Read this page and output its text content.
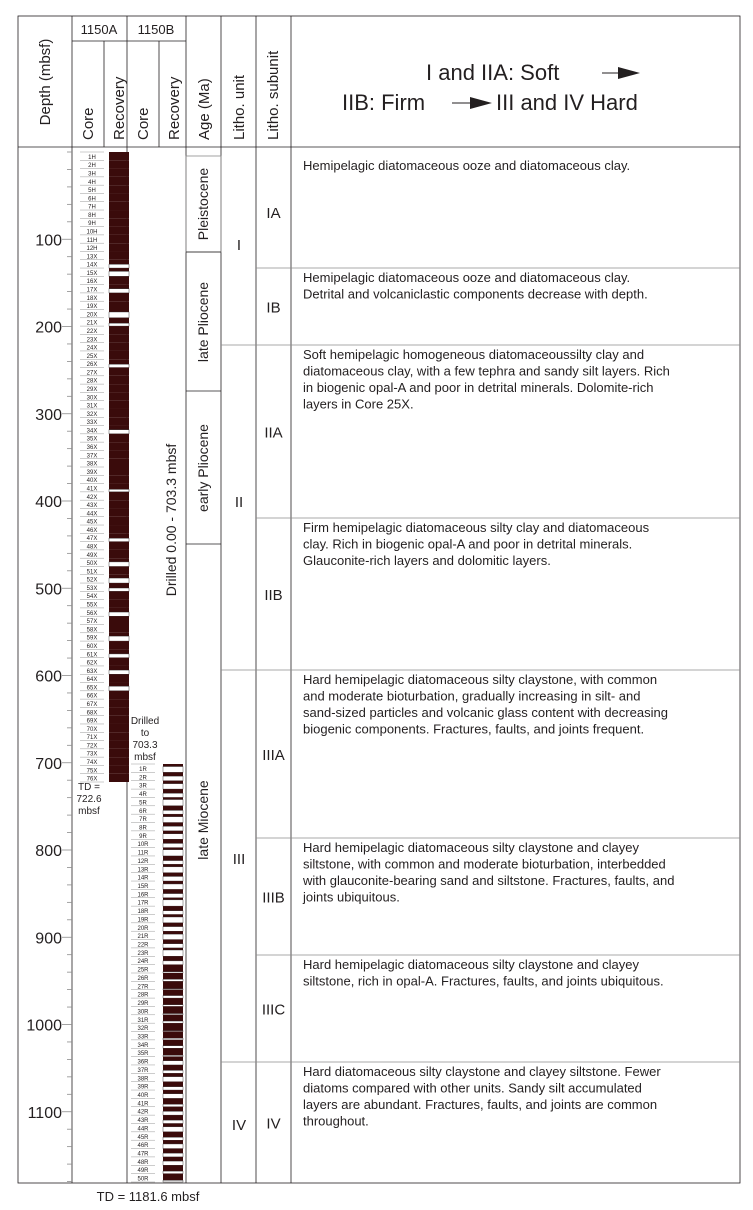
Depth (mbsf)
1150A 1150B
Core Recovery Core Recovery Age (Ma) Litho. unit Litho. subunit	I and IIA: Soft
IIB: Firm	III and IV Hard
100
200
300
400
500
600
700
800
900
1000
1100
1H
2H
3H
4H
5H
6H
7H
8H
9H
10H
11H
12H
13X
14X
15X
16X
17X
18X
19X
20X
21X
22X
23X
24X
25X
26X
27X
28X
29X
30X
31X
32X
33X
34X
35X
36X
37X
38X
39X
40X
41X
42X
43X
44X
45X
46X
47X
48X
49X
50X
51X
52X
53X
54X
55X
56X
57X
58X
59X
60X
61X
62X
63X
64X
65X
66X
67X
68X
69X
70X
71X
72X
73X
74X
75X
76X
TD =
722.6
mbsf
Drilled 0.00 - 703.3 mbsf
Drilled
to
703.3
mbsf
1R
2R
3R
4R
5R
6R
7R
8R
9R
10R
11R
12R
13R
14R
15R
16R
17R
18R
19R
20R
21R
22R
23R
24R
25R
26R
27R
28R
29R
30R
31R
32R
33R
34R
35R
36R
37R
38R
39R
40R
41R
42R
43R
44R
45R
46R
47R
48R
49R
50R
Pleistocene
late Pliocene
early Pliocene
late Miocene
I
II
III
IV
IA
Hemipelagic diatomaceous ooze and diatomaceous clay.
IB
Hemipelagic diatomaceous ooze and diatomaceous clay.
Detrital and volcaniclastic components decrease with depth.
IIA
Soft hemipelagic homogeneous diatomaceoussilty clay and
diatomaceous clay, with a few tephra and sandy silt layers. Rich
in biogenic opal-A and poor in detrital minerals. Dolomite-rich
layers in Core 25X.
IIB
Firm hemipelagic diatomaceous silty clay and diatomaceous
clay. Rich in biogenic opal-A and poor in detrital minerals.
Glauconite-rich layers and dolomitic layers.
IIIA
Hard hemipelagic diatomaceous silty claystone, with common
and moderate bioturbation, gradually increasing in silt- and
sand-sized particles and volcanic glass content with decreasing
biogenic components. Fractures, faults, and joints frequent.
IIIB
Hard hemipelagic diatomaceous silty claystone and clayey
siltstone, with common and moderate bioturbation, interbedded
with glauconite-bearing sand and siltstone. Fractures, faults, and
joints ubiquitous.
IIIC
Hard hemipelagic diatomaceous silty claystone and clayey
siltstone, rich in opal-A. Fractures, faults, and joints ubiquitous.
IV
Hard diatomaceous silty claystone and clayey siltstone. Fewer
diatoms compared with other units. Sandy silt accumulated
layers are abundant. Fractures, faults, and joints are common
throughout.
TD = 1181.6 mbsf
